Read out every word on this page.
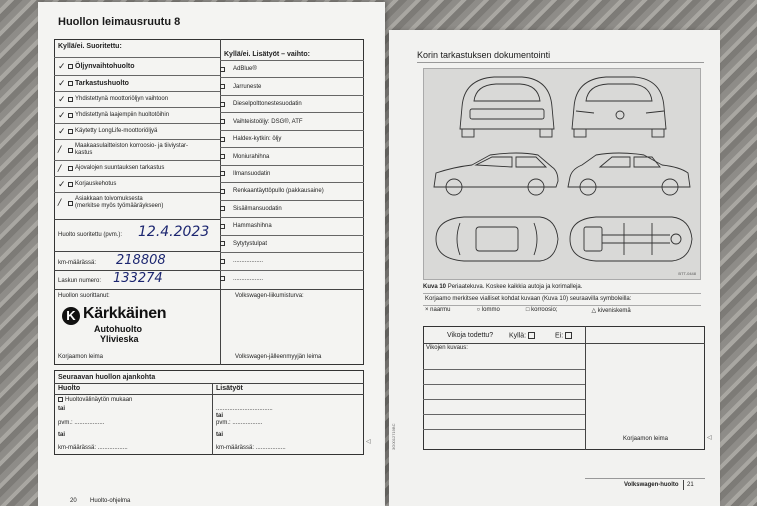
Huollon leimausruutu 8
Kyllä/ei. Suoritettu:
Kyllä/ei. Lisätyöt – vaihto:
✓	Öljynvaihtohuolto
✓	Tarkastushuolto
✓	Yhdistettynä moottoriöljyn vaihtoon
✓	Yhdistettynä laajempiin huoltotöihin
✓	Käytetty LongLife-moottoriöljyä
/	Maakaasulaitteiston korroosio- ja tiiviystar-
kastus
/	Ajovalojen suuntauksen tarkastus
✓	Korjauskehotus
/	Asiakkaan toivomuksesta
(merkitse myös työmääräykseen)
AdBlue®
Jarruneste
Dieselpolttonestesuodatin
Vaihteistoöljy: DSG®, ATF
Haldex-kytkin: öljy
Moniurahihna
Ilmansuodatin
Renkaantäyttöpullo (pakkausaine)
Sisäilmansuodatin
Hammashihna
Sytytystulpat
..................
..................
Huolto suoritettu (pvm.): 12.4.2023
km-määrässä: 218808
Laskun numero: 133274
Huollon suorittanut:	Volkswagen-liikumisturva:
K Kärkkäinen
Autohuolto
Ylivieska
Korjaamon leima	Volkswagen-jälleenmyyjän leima
Seuraavan huollon ajankohta
Huolto	Lisätyöt
Huoltovälinäytön mukaan
tai
pvm.: ..................
tai
km-määrässä: ..................
..................................
tai
pvm.: ..................
tai
km-määrässä: ..................
◁
20 Huolto-ohjelma
Korin tarkastuksen dokumentointi
BTT-0448
Kuva 10 Periaatekuva. Koskee kaikkia autoja ja korimalleja.
Korjaamo merkitsee vialliset kohdat kuvaan (Kuva 10) seuraavilla symboleilla:
× naarmu	○ lommo	□ korroosio;	△ kiveniskemä
Vikoja todettu? Kyllä:	Ei:
Vikojen kuvaus:
Korjaamon leima	◁
3G0012719BC
Volkswagen-huolto 21
